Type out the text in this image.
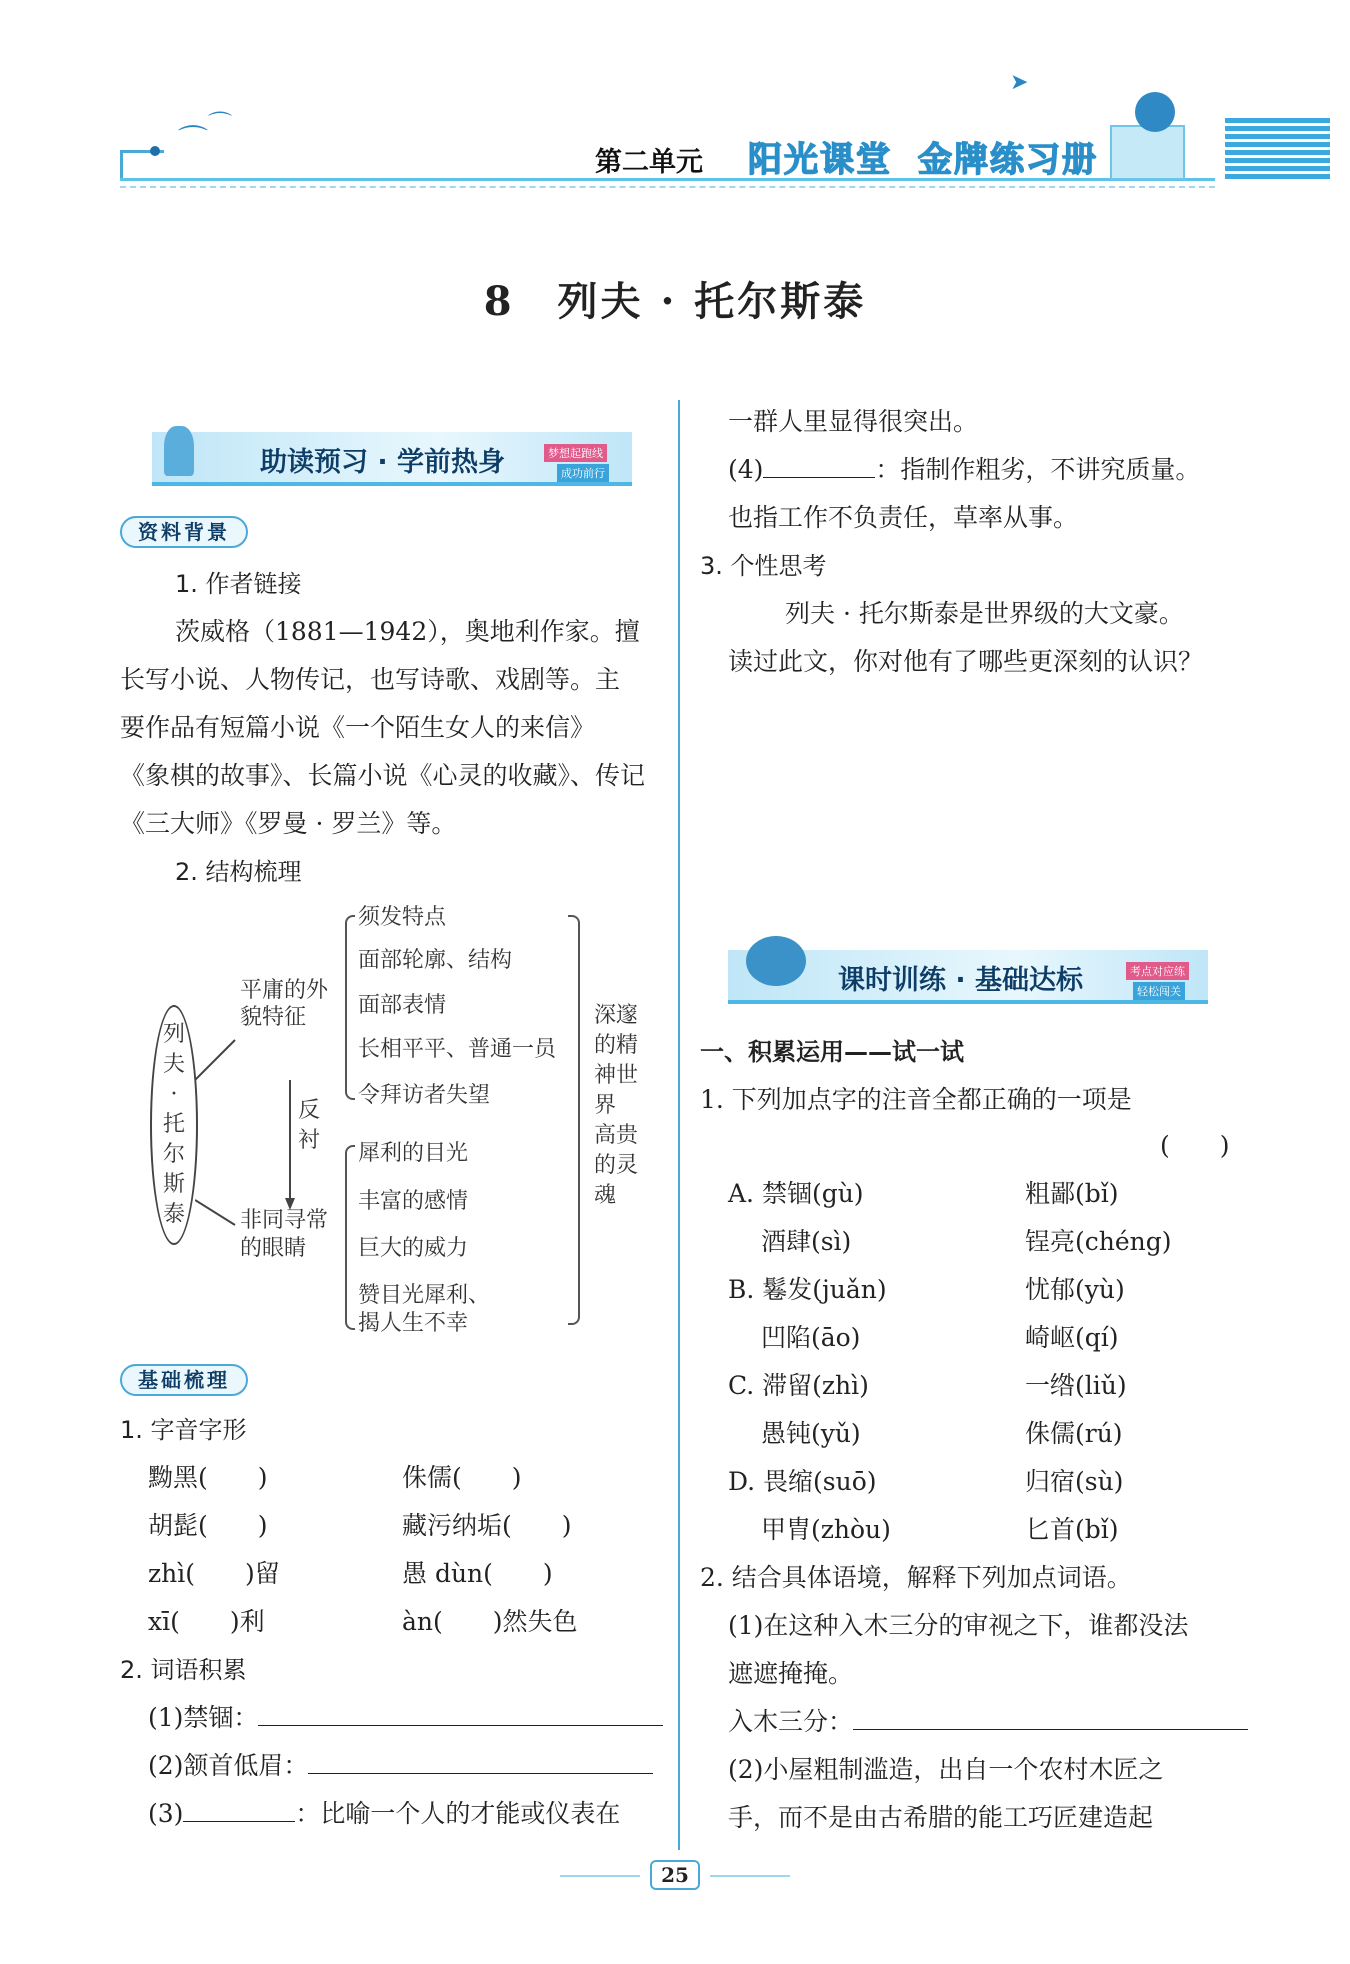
⌒ ⌒
➤
第二单元 阳光课堂 金牌练习册
8　列夫 · 托尔斯泰
助读预习 · 学前热身	梦想起跑线
成功前行
资料背景
1. 作者链接
茨威格（1881—1942），奥地利作家。擅
长写小说、人物传记，也写诗歌、戏剧等。主
要作品有短篇小说《一个陌生女人的来信》
《象棋的故事》、长篇小说《心灵的收藏》、传记
《三大师》《罗曼 · 罗兰》等。
2. 结构梳理
列
夫
·
托
尔
斯
泰
平庸的外
貌特征
非同寻常
的眼睛
反
衬
须发特点
面部轮廓、结构
面部表情
长相平平、普通一员
令拜访者失望
犀利的目光
丰富的感情
巨大的威力
赞目光犀利、
揭人生不幸
深邃
的精
神世
界
高贵
的灵
魂
基础梳理
1. 字音字形
黝黑(　　)	侏儒(　　)
胡髭(　　)	藏污纳垢(　　)
zhì(　　)留	愚 dùn(　　)
xī(　　)利	àn(　　)然失色
2. 词语积累
(1)禁锢：
(2)颔首低眉：
(3)	：比喻一个人的才能或仪表在
一群人里显得很突出。
(4)	：指制作粗劣，不讲究质量。
也指工作不负责任，草率从事。
3. 个性思考
列夫 · 托尔斯泰是世界级的大文豪。
读过此文，你对他有了哪些更深刻的认识？
课时训练 · 基础达标	考点对应练
轻松闯关
一、积累运用——试一试
1. 下列加点字的注音全都正确的一项是
(　　)
A. 禁锢(gù)	粗鄙(bǐ)
　 酒肆(sì)	锃亮(chéng)
B. 鬈发(juǎn)	忧郁(yù)
　 凹陷(āo)	崎岖(qí)
C. 滞留(zhì)	一绺(liǔ)
　 愚钝(yǔ)	侏儒(rú)
D. 畏缩(suō)	归宿(sù)
　 甲胄(zhòu)	匕首(bǐ)
2. 结合具体语境，解释下列加点词语。
(1)在这种入木三分的审视之下，谁都没法
遮遮掩掩。
入木三分：
(2)小屋粗制滥造，出自一个农村木匠之
手，而不是由古希腊的能工巧匠建造起
25
